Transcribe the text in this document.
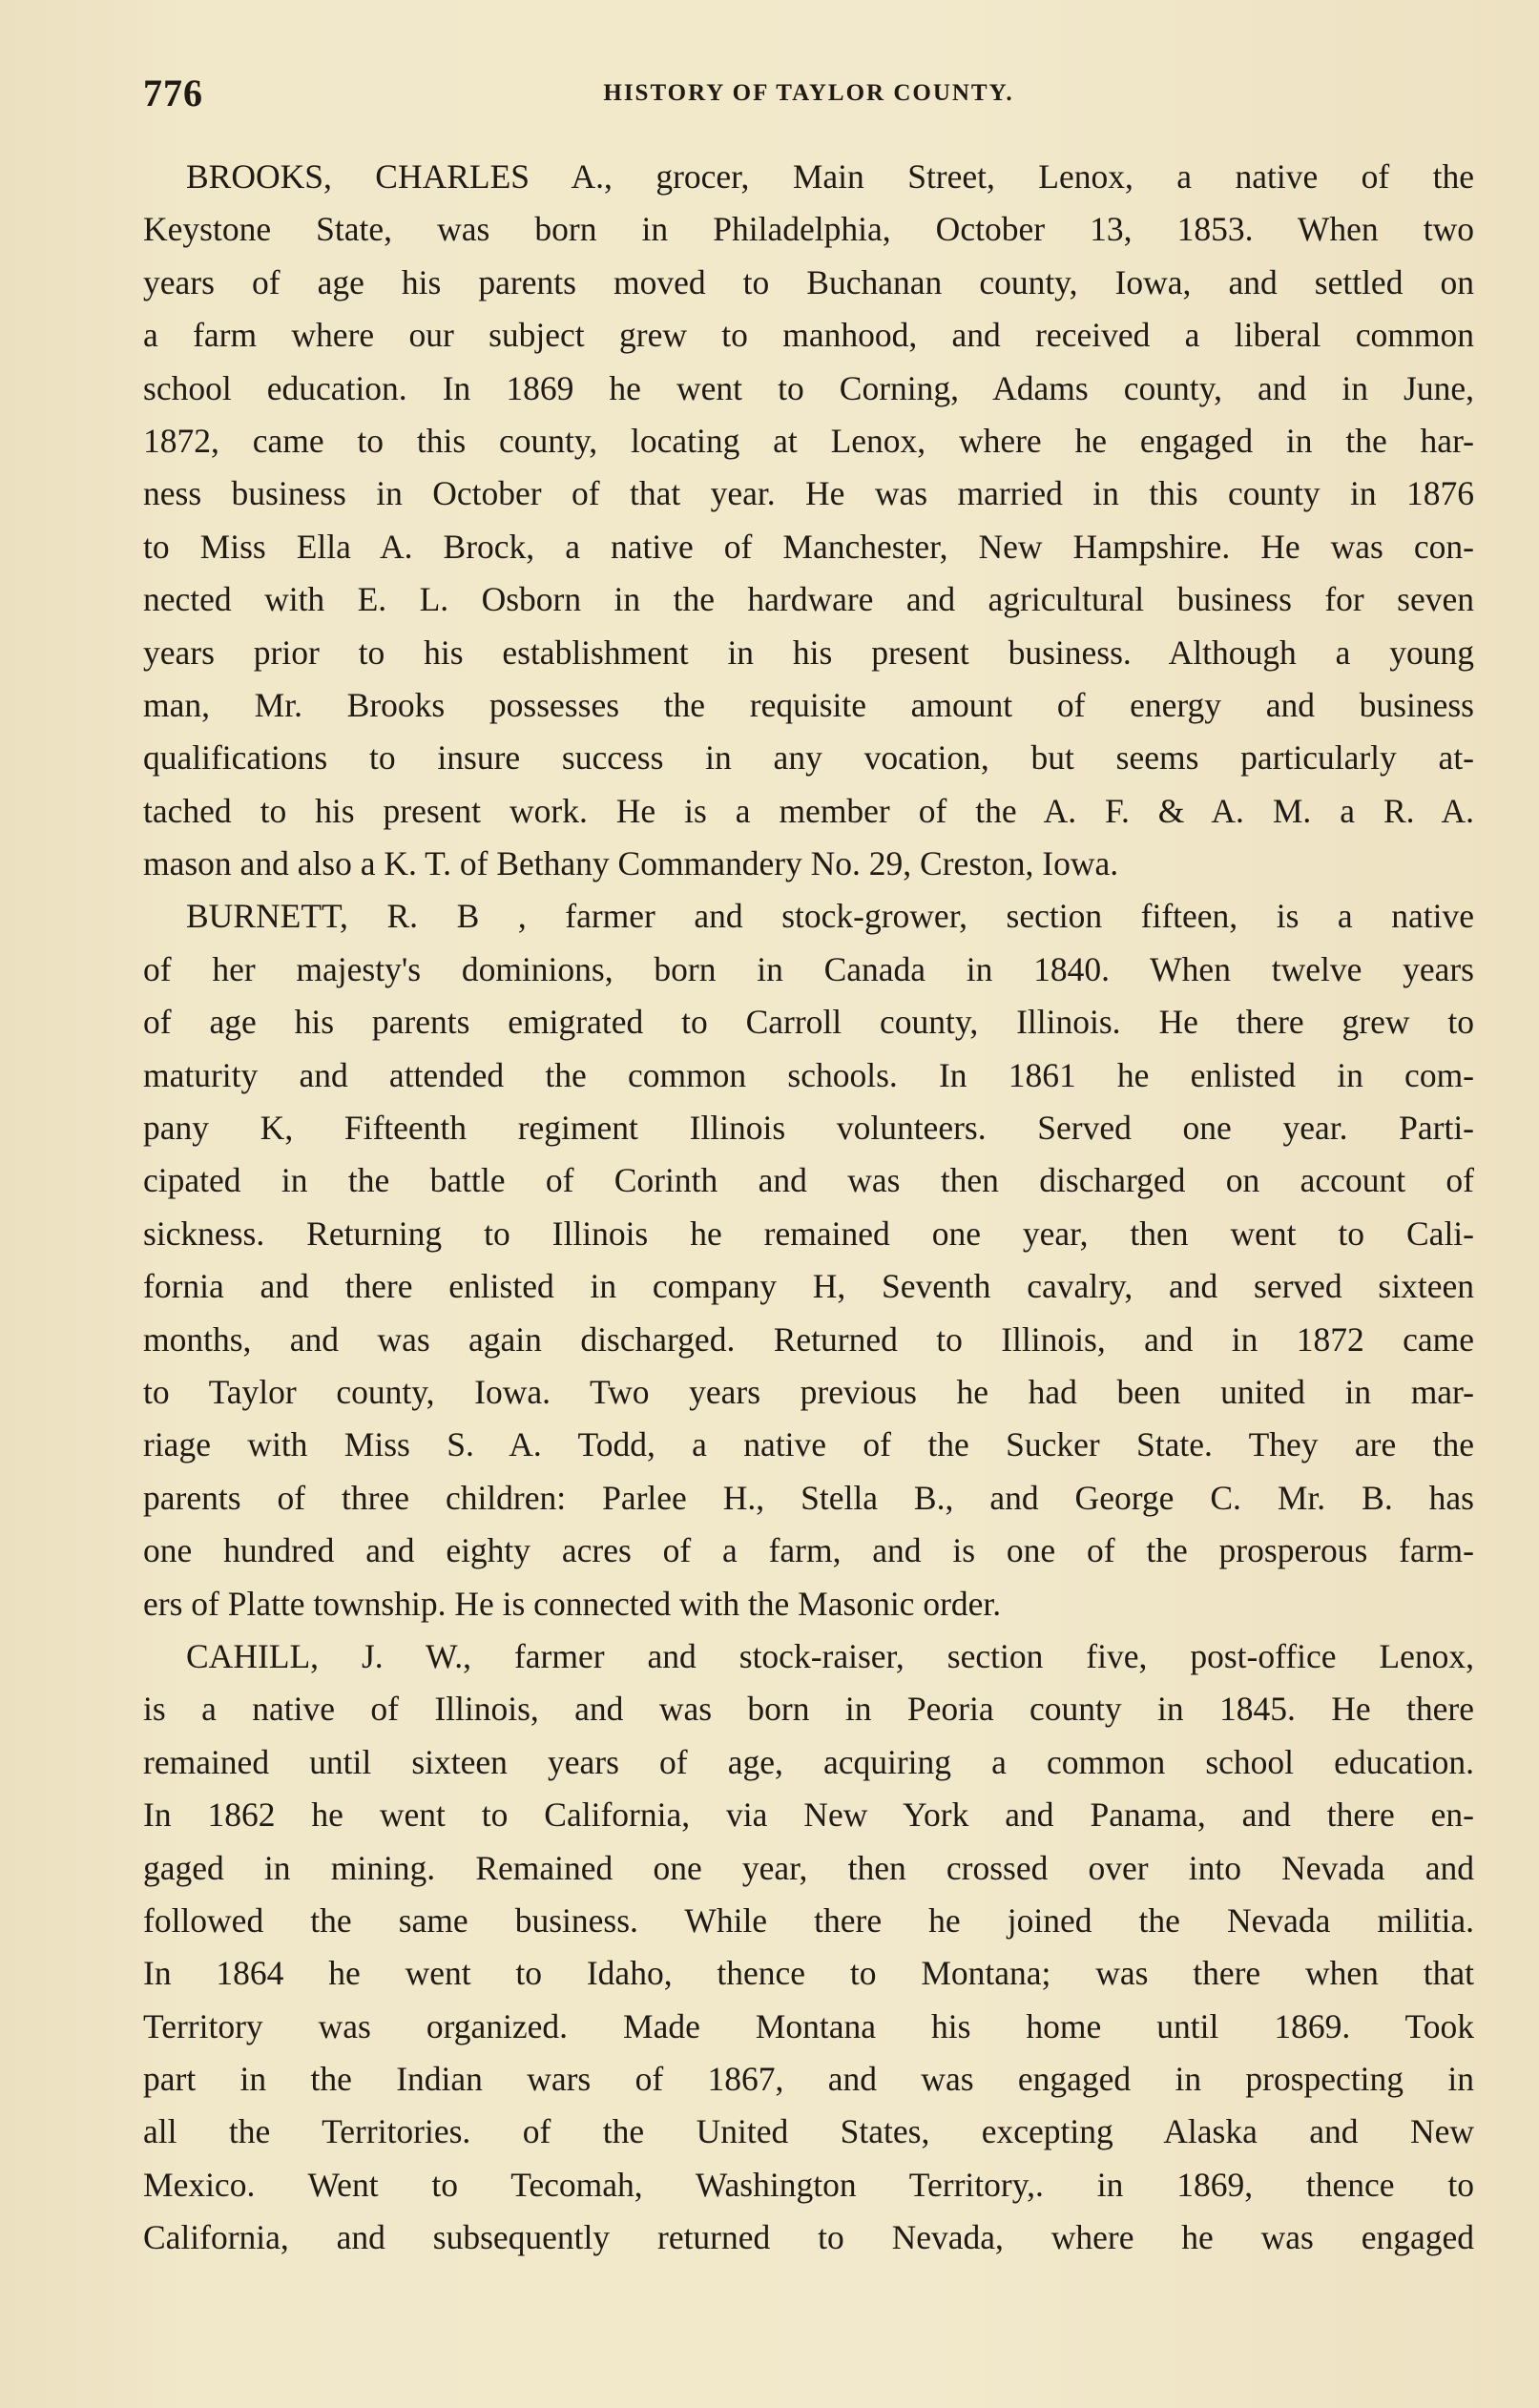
776	HISTORY OF TAYLOR COUNTY.
BROOKS, CHARLES A., grocer, Main Street, Lenox, a native of the
Keystone State, was born in Philadelphia, October 13, 1853. When two
years of age his parents moved to Buchanan county, Iowa, and settled on
a farm where our subject grew to manhood, and received a liberal common
school education. In 1869 he went to Corning, Adams county, and in June,
1872, came to this county, locating at Lenox, where he engaged in the har-
ness business in October of that year. He was married in this county in 1876
to Miss Ella A. Brock, a native of Manchester, New Hampshire. He was con-
nected with E. L. Osborn in the hardware and agricultural business for seven
years prior to his establishment in his present business. Although a young
man, Mr. Brooks possesses the requisite amount of energy and business
qualifications to insure success in any vocation, but seems particularly at-
tached to his present work. He is a member of the A. F. & A. M. a R. A.
mason and also a K. T. of Bethany Commandery No. 29, Creston, Iowa.
BURNETT, R. B , farmer and stock-grower, section fifteen, is a native
of her majesty's dominions, born in Canada in 1840. When twelve years
of age his parents emigrated to Carroll county, Illinois. He there grew to
maturity and attended the common schools. In 1861 he enlisted in com-
pany K, Fifteenth regiment Illinois volunteers. Served one year. Parti-
cipated in the battle of Corinth and was then discharged on account of
sickness. Returning to Illinois he remained one year, then went to Cali-
fornia and there enlisted in company H, Seventh cavalry, and served sixteen
months, and was again discharged. Returned to Illinois, and in 1872 came
to Taylor county, Iowa. Two years previous he had been united in mar-
riage with Miss S. A. Todd, a native of the Sucker State. They are the
parents of three children: Parlee H., Stella B., and George C. Mr. B. has
one hundred and eighty acres of a farm, and is one of the prosperous farm-
ers of Platte township. He is connected with the Masonic order.
CAHILL, J. W., farmer and stock-raiser, section five, post-office Lenox,
is a native of Illinois, and was born in Peoria county in 1845. He there
remained until sixteen years of age, acquiring a common school education.
In 1862 he went to California, via New York and Panama, and there en-
gaged in mining. Remained one year, then crossed over into Nevada and
followed the same business. While there he joined the Nevada militia.
In 1864 he went to Idaho, thence to Montana; was there when that
Territory was organized. Made Montana his home until 1869. Took
part in the Indian wars of 1867, and was engaged in prospecting in
all the Territories. of the United States, excepting Alaska and New
Mexico. Went to Tecomah, Washington Territory,. in 1869, thence to
California, and subsequently returned to Nevada, where he was engaged
